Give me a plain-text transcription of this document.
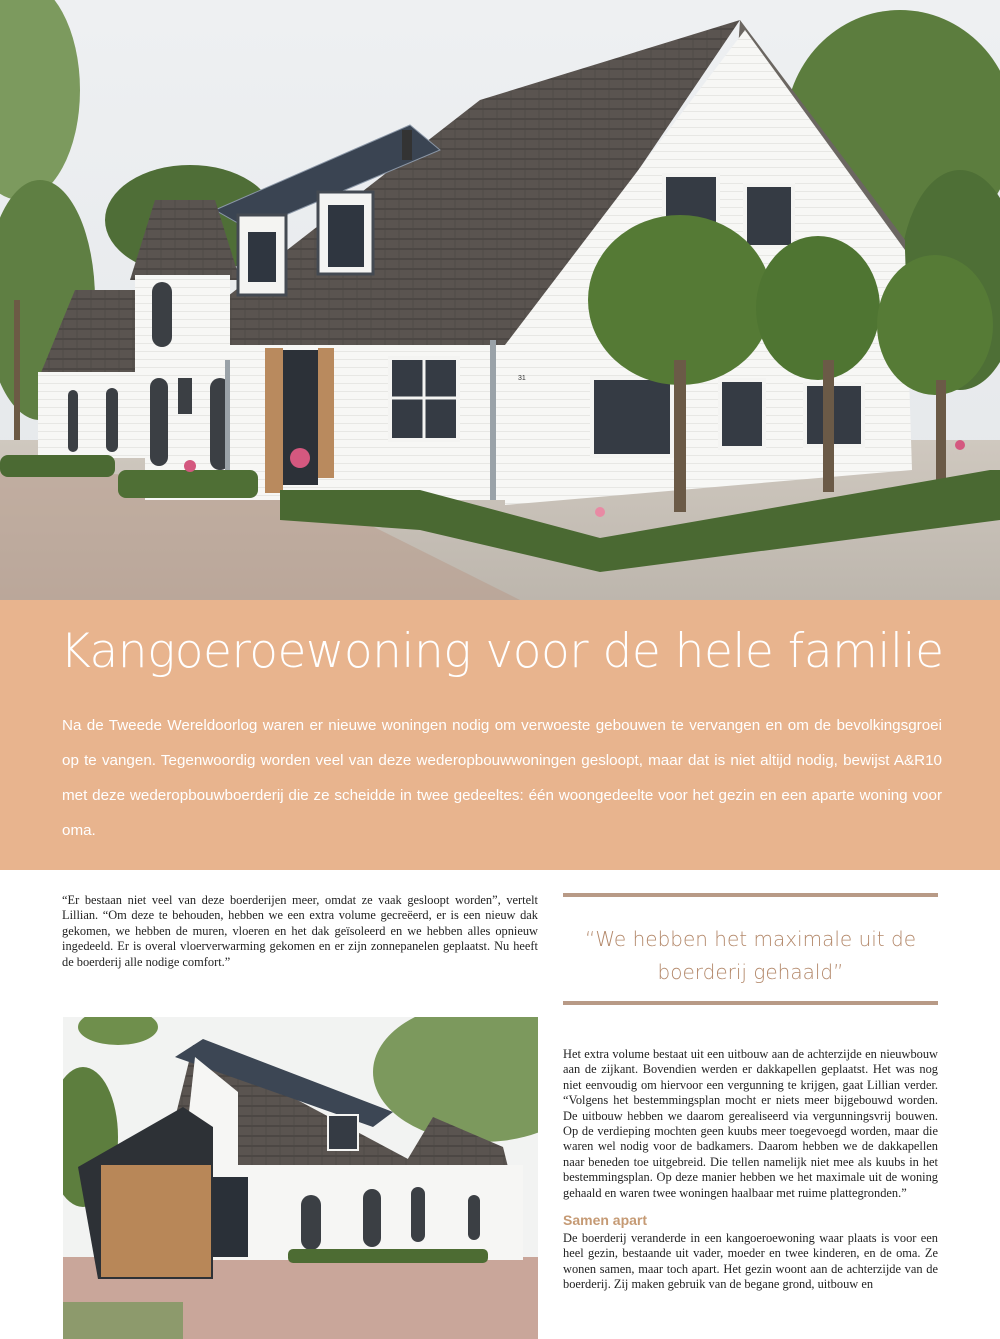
31
Kangoeroewoning voor de hele familie

Na de Tweede Wereldoorlog waren er nieuwe woningen nodig om verwoeste gebouwen te vervangen en om de bevolkingsgroei op te vangen. Tegenwoordig worden veel van deze wederopbouwwoningen gesloopt, maar dat is niet altijd nodig, bewijst A&R10 met deze wederopbouwboerderij die ze scheidde in twee gedeeltes: één woongedeelte voor het gezin en een aparte woning voor oma.

“Er bestaan niet veel van deze boerderijen meer, omdat ze vaak gesloopt worden”, vertelt Lillian. “Om deze te behouden, hebben we een extra volume gecreëerd, er is een nieuw dak gekomen, we hebben de muren, vloeren en het dak geïsoleerd en we hebben alles opnieuw ingedeeld. Er is overal vloerverwarming gekomen en er zijn zonnepanelen geplaatst. Nu heeft de boerderij alle nodige comfort.”

“We hebben het maximale uit de boerderij gehaald”

Het extra volume bestaat uit een uitbouw aan de achterzijde en nieuwbouw aan de zijkant. Bovendien werden er dakkapellen geplaatst. Het was nog niet eenvoudig om hiervoor een vergunning te krijgen, gaat Lillian verder. “Volgens het bestemmingsplan mocht er niets meer bijgebouwd worden. De uitbouw hebben we daarom gerealiseerd via vergunningsvrij bouwen. Op de verdieping mochten geen kuubs meer toegevoegd worden, maar die waren wel nodig voor de badkamers. Daarom hebben we de dakkapellen naar beneden toe uitgebreid. Die tellen namelijk niet mee als kuubs in het bestemmingsplan. Op deze manier hebben we het maximale uit de woning gehaald en waren twee woningen haalbaar met ruime plattegronden.”

Samen apart

De boerderij veranderde in een kangoeroewoning waar plaats is voor een heel gezin, bestaande uit vader, moeder en twee kinderen, en de oma. Ze wonen samen, maar toch apart. Het gezin woont aan de achterzijde van de boerderij. Zij maken gebruik van de begane grond, uitbouw en
